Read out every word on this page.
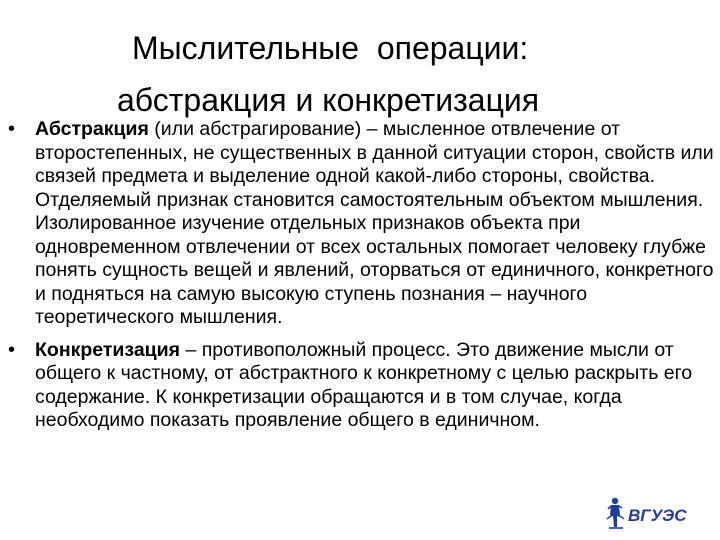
Мыслительные  операции:
абстракция и конкретизация
• Абстракция (или абстрагирование) – мысленное отвлечение от второстепенных, не существенных в данной ситуации сторон, свойств или связей предмета и выделение одной какой-либо стороны, свойства. Отделяемый признак становится самостоятельным объектом мышления. Изолированное изучение отдельных признаков объекта при одновременном отвлечении от всех остальных помогает человеку глубже понять сущность вещей и явлений, оторваться от единичного, конкретного и подняться на самую высокую ступень познания – научного теоретического мышления.
• Конкретизация – противоположный процесс. Это движение мысли от общего к частному, от абстрактного к конкретному с целью раскрыть его содержание. К конкретизации обращаются и в том случае, когда необходимо показать проявление общего в единичном.
ВГУЭС
